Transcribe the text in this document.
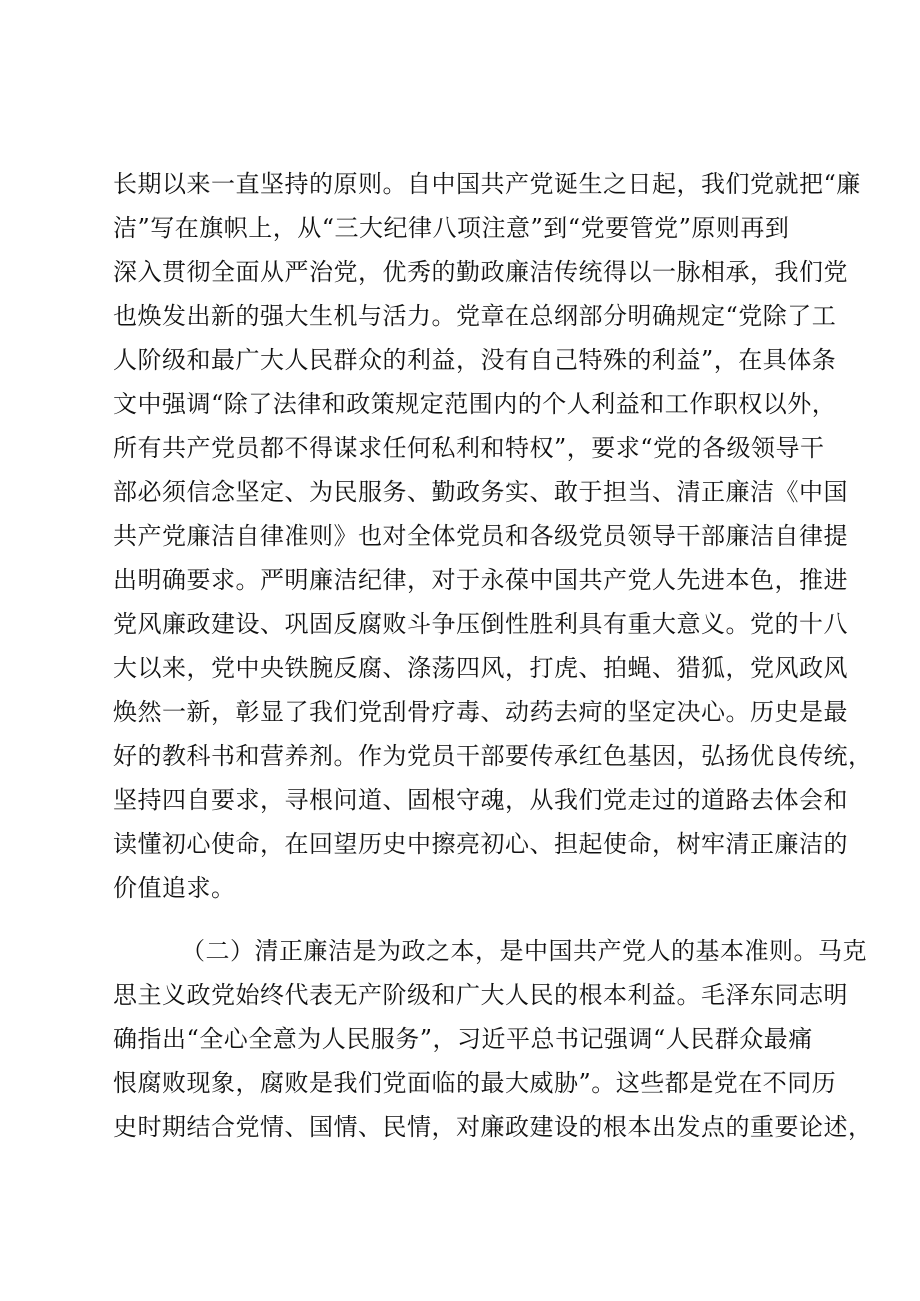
长期以来一直坚持的原则。自中国共产党诞生之日起，我们党就把“廉
洁”写在旗帜上，从“三大纪律八项注意”到“党要管党”原则再到
深入贯彻全面从严治党，优秀的勤政廉洁传统得以一脉相承，我们党
也焕发出新的强大生机与活力。党章在总纲部分明确规定“党除了工
人阶级和最广大人民群众的利益，没有自己特殊的利益”，在具体条
文中强调“除了法律和政策规定范围内的个人利益和工作职权以外，
所有共产党员都不得谋求任何私利和特权”，要求“党的各级领导干
部必须信念坚定、为民服务、勤政务实、敢于担当、清正廉洁《中国
共产党廉洁自律准则》也对全体党员和各级党员领导干部廉洁自律提
出明确要求。严明廉洁纪律，对于永葆中国共产党人先进本色，推进
党风廉政建设、巩固反腐败斗争压倒性胜利具有重大意义。党的十八
大以来，党中央铁腕反腐、涤荡四风，打虎、拍蝇、猎狐，党风政风
焕然一新，彰显了我们党刮骨疗毒、动药去疴的坚定决心。历史是最
好的教科书和营养剂。作为党员干部要传承红色基因，弘扬优良传统，
坚持四自要求，寻根问道、固根守魂，从我们党走过的道路去体会和
读懂初心使命，在回望历史中擦亮初心、担起使命，树牢清正廉洁的
价值追求。
（二）清正廉洁是为政之本，是中国共产党人的基本准则。马克
思主义政党始终代表无产阶级和广大人民的根本利益。毛泽东同志明
确指出“全心全意为人民服务”，习近平总书记强调“人民群众最痛
恨腐败现象，腐败是我们党面临的最大威胁”。这些都是党在不同历
史时期结合党情、国情、民情，对廉政建设的根本出发点的重要论述，
